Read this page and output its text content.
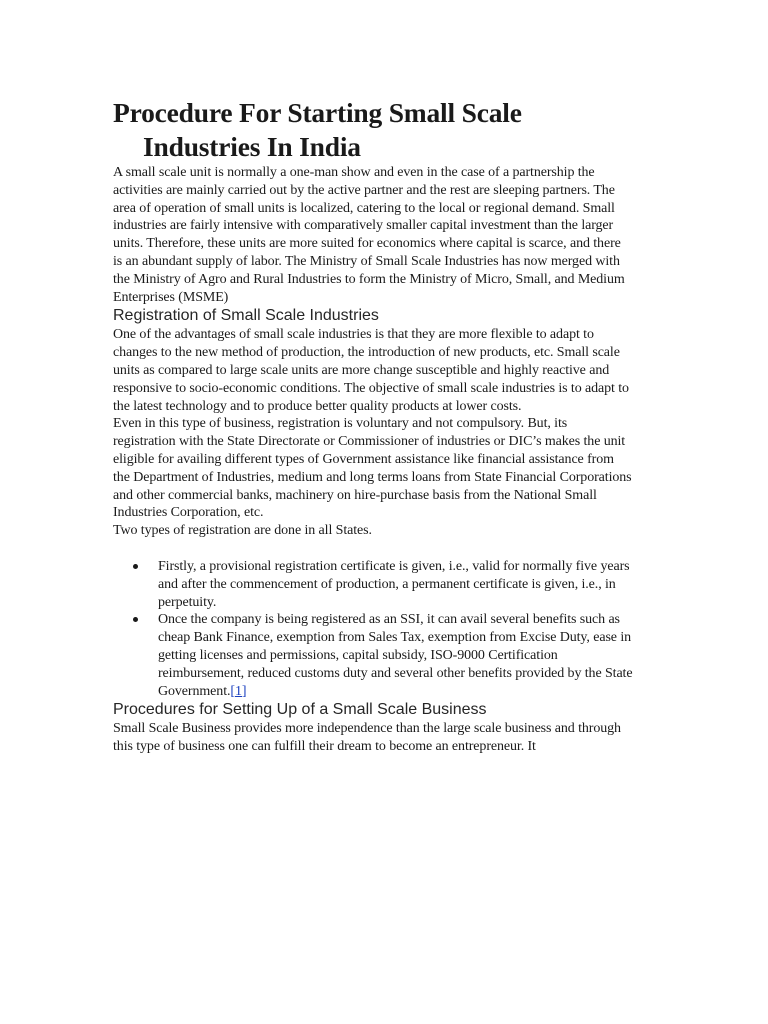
Procedure For Starting Small Scale
Industries In India

A small scale unit is normally a one-man show and even in the case of a partnership the activities are mainly carried out by the active partner and the rest are sleeping partners. The area of operation of small units is localized, catering to the local or regional demand. Small industries are fairly intensive with comparatively smaller capital investment than the larger units. Therefore, these units are more suited for economics where capital is scarce, and there is an abundant supply of labor. The Ministry of Small Scale Industries has now merged with the Ministry of Agro and Rural Industries to form the Ministry of Micro, Small, and Medium Enterprises (MSME)

Registration of Small Scale Industries

One of the advantages of small scale industries is that they are more flexible to adapt to changes to the new method of production, the introduction of new products, etc. Small scale units as compared to large scale units are more change susceptible and highly reactive and responsive to socio-economic conditions. The objective of small scale industries is to adapt to the latest technology and to produce better quality products at lower costs.

Even in this type of business, registration is voluntary and not compulsory. But, its registration with the State Directorate or Commissioner of industries or DIC’s makes the unit eligible for availing different types of Government assistance like financial assistance from the Department of Industries, medium and long terms loans from State Financial Corporations and other commercial banks, machinery on hire-purchase basis from the National Small Industries Corporation, etc.

Two types of registration are done in all States.

Firstly, a provisional registration certificate is given, i.e., valid for normally five years and after the commencement of production, a permanent certificate is given, i.e., in perpetuity.
Once the company is being registered as an SSI, it can avail several benefits such as cheap Bank Finance, exemption from Sales Tax, exemption from Excise Duty, ease in getting licenses and permissions, capital subsidy, ISO-9000 Certification reimbursement, reduced customs duty and several other benefits provided by the State Government.[1]
Procedures for Setting Up of a Small Scale Business

Small Scale Business provides more independence than the large scale business and through this type of business one can fulfill their dream to become an entrepreneur. It
